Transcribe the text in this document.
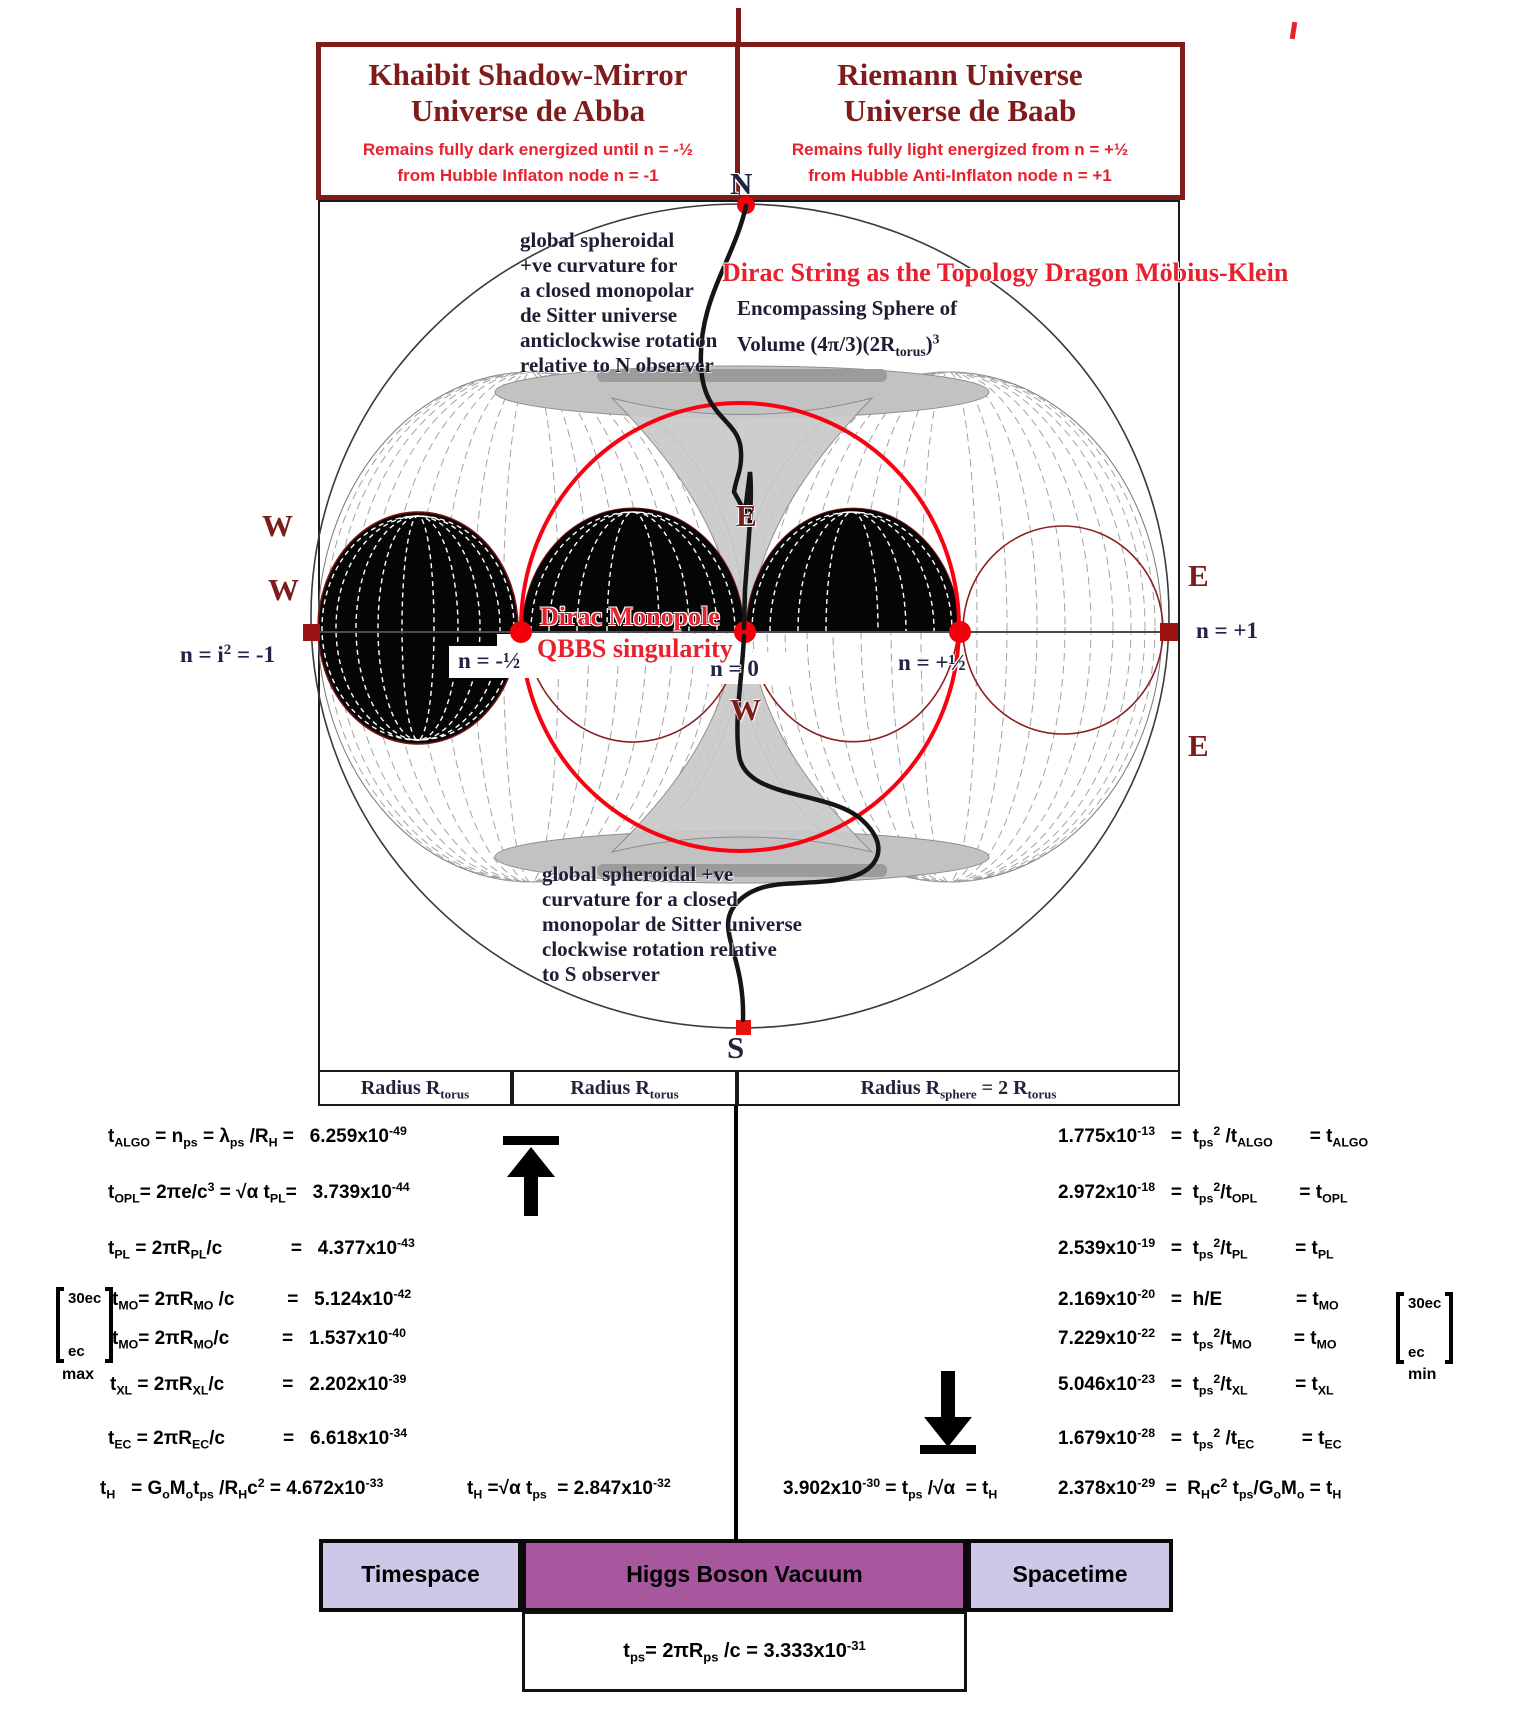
Khaibit Shadow-Mirror
Universe de Abba
Remains fully dark energized until n = -½
from Hubble Inflaton node n = -1
Riemann Universe
Universe de Baab
Remains fully light energized from n = +½
from Hubble Anti-Inflaton node n = +1
Radius $R_{torus}$	Radius $R_{torus}$	Radius $R_{sphere} = 2$ $R_{torus}$
Timespace	Higgs Boson Vacuum	Spacetime
$t_{ps}= 2\pi R_{ps}$ $/c = 3.333x10^{-31}$
N
S
global spheroidal
+ve curvature for
a closed monopolar
de Sitter universe
anticlockwise rotation
relative to N observer
Dirac String as the Topology Dragon Möbius-Klein
Encompassing Sphere of
Volume $(4\pi/3)(2R_{torus})^3$
global spheroidal +ve
curvature for a closed
monopolar de Sitter universe
clockwise rotation relative
to S observer
Dirac Monopole
QBBS singularity
W
W	E
E
E
W
$n = i^2 = -1$	n = -½	n = 0	n = +½
n = +1
$t_{ALGO} = n_{ps} = \lambda_{ps}$ $/R_H = 6.259x10^{-49}$
$t_{OPL}= 2\pi e/c^3 = √\alpha$ $t_{PL}= 3.739x10^{-44}$
$t_{PL} = 2\pi R_{PL}/c$             =   $4.377x10^{-43}$
$t_{MO}= 2\pi R_{MO}$ /c          =   $5.124x10^{-42}$
$t_{MO}= 2\pi R_{MO}/c$          =   $1.537x10^{-40}$
$t_{XL} = 2\pi R_{XL}/c$           =   $2.202x10^{-39}$
$t_{EC} = 2\pi R_{EC}/c$           =   $6.618x10^{-34}$
$t_H = G_oM_ot_{ps}$ $/R_Hc^2 = 4.672x10^{-33}$	$t_H =√\alpha$ $t_{ps} = 2.847x10^{-32}$	$3.902x10^{-30} = t_{ps}$ $/√\alpha = t_H$
$1.775x10^{-13} = t_{ps}^2$ $/t_{ALGO}$       = $t_{ALGO}$
$2.972x10^{-18} = t_{ps}^2/t_{OPL}$        = $t_{OPL}$
$2.539x10^{-19} = t_{ps}^2/t_{PL}$         = $t_{PL}$
$2.169x10^{-20} = h/E$              = $t_{MO}$
$7.229x10^{-22} = t_{ps}^2/t_{MO}$        = $t_{MO}$
$5.046x10^{-23} = t_{ps}^2/t_{XL}$         = $t_{XL}$
$1.679x10^{-28} = t_{ps}^2$ $/t_{EC}$         = $t_{EC}$
$2.378x10^{-29} = R_Hc^2$ $t_{ps}/G_oM_o = t_H$
30ec
ec
max
30ec
ec
min
